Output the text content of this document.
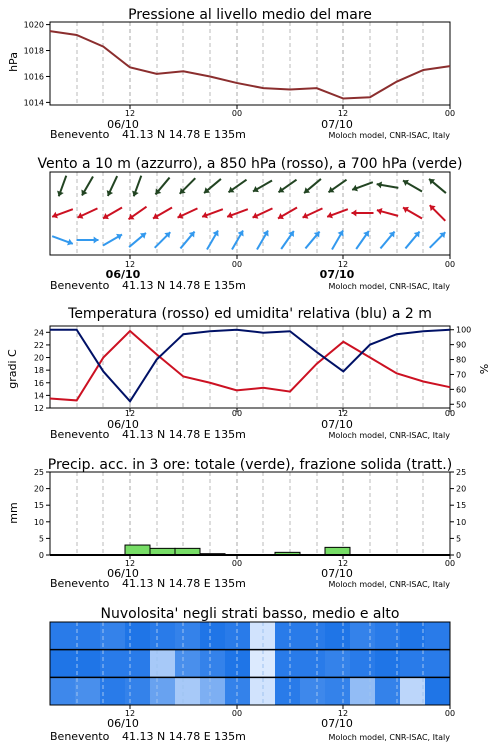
Pressione al livello medio del mare
hPa
1014
1016
1018
1020
12	00	12	00
06/10	07/10
Benevento 41.13 N 14.78 E 135m	Moloch model, CNR-ISAC, Italy
Vento a 10 m (azzurro), a 850 hPa (rosso), a 700 hPa (verde)
12	00	12	00
06/10	07/10
Benevento 41.13 N 14.78 E 135m	Moloch model, CNR-ISAC, Italy
Temperatura (rosso) ed umidita' relativa (blu) a 2 m
gradi C	%
12
14
16
18
20
22
24
50
60
70
80
90
100
12	00	12	00
06/10	07/10
Benevento 41.13 N 14.78 E 135m	Moloch model, CNR-ISAC, Italy
Precip. acc. in 3 ore: totale (verde), frazione solida (tratt.)
mm
0	0
5	5
10	10
15	15
20	20
25	25
12	00	12	00
06/10	07/10
Benevento 41.13 N 14.78 E 135m	Moloch model, CNR-ISAC, Italy
Nuvolosita' negli strati basso, medio e alto
12	00	12	00
06/10	07/10
Benevento 41.13 N 14.78 E 135m	Moloch model, CNR-ISAC, Italy
